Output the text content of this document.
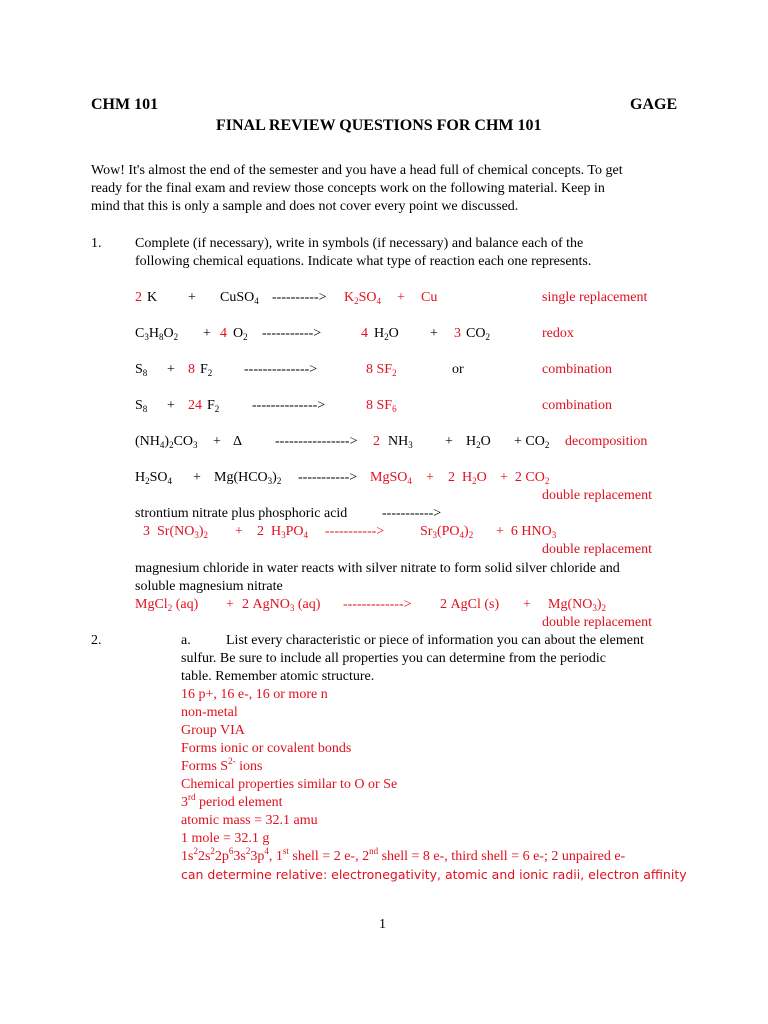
CHM 101	GAGE
FINAL REVIEW QUESTIONS FOR CHM 101
Wow! It's almost the end of the semester and you have a head full of chemical concepts. To get
ready for the final exam and review those concepts work on the following material. Keep in
mind that this is only a sample and does not cover every point we discussed.
1. Complete (if necessary), write in symbols (if necessary) and balance each of the
following chemical equations. Indicate what type of reaction each one represents.
2 K + CuSO$_4$ ----------> $K_2SO_4 + Cu$	single replacement
$C_3H_8O_2 + 4$ $O_2$ ----------->	4 $H_2O + 3$ $CO_2$	redox
$S_8 + 8$ $F_2$ -------------->	8 $SF_2$	or	combination
$S_8 + 24$ $F_2$ -------------->	8 $SF_6$	combination
$(NH_4)_2CO_3 + \Delta$ ----------------> 2 $NH_3 + H_2O + CO_2$ decomposition
$H_2SO_4 + Mg(HCO_3)_2$ -----------> MgSO$_4$ + 2 $H_2O + 2$ $CO_2$
double replacement
strontium nitrate plus phosphoric acid ----------->
3 $Sr(NO_3)_2 + 2$ $H_3PO_4$ ----------->	$Sr_3(PO_4)_2 + 6$ $HNO_3$
double replacement
magnesium chloride in water reacts with silver nitrate to form solid silver chloride and
soluble magnesium nitrate
MgCl$_2$ (aq) + 2 AgNO$_3$ (aq) -------------> 2 AgCl $(s) + Mg(NO_3)_2$
double replacement
2.	a.	List every characteristic or piece of information you can about the element
sulfur. Be sure to include all properties you can determine from the periodic
table. Remember atomic structure.
16 p+, 16 e-, 16 or more n
non-metal
Group VIA
Forms ionic or covalent bonds
Forms $S^{2-}$ ions
Chemical properties similar to O or Se
3rd period element
atomic mass = 32.1 amu
1 mole = 32.1 g
$1s^22s^22p^63s^23p^4$, 1st shell = 2 e-, 2nd shell = 8 e-, third shell = 6 e-; 2 unpaired e-
can determine relative: electronegativity, atomic and ionic radii, electron affinity
1
